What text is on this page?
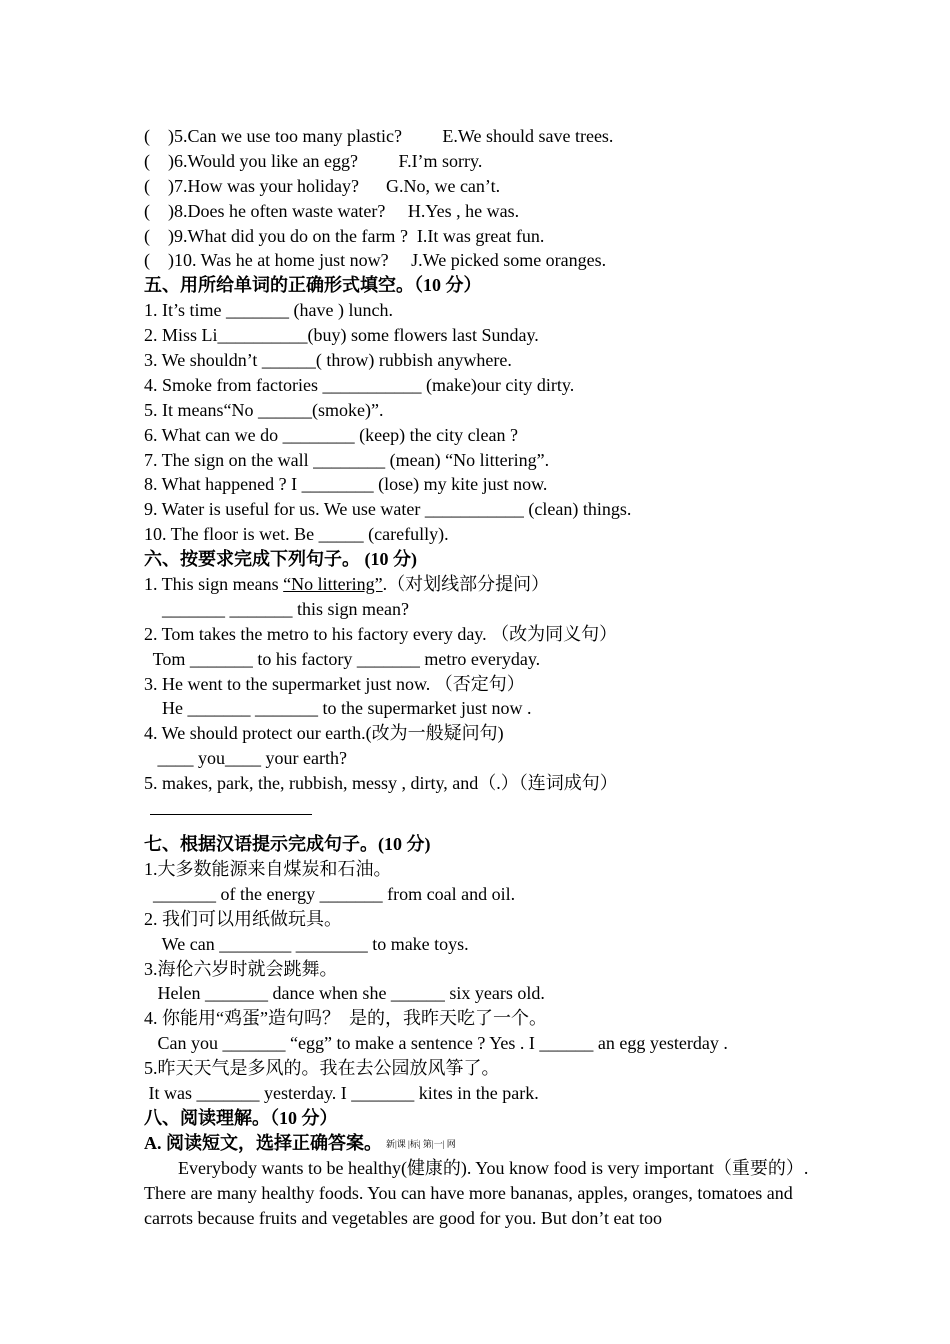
(    )5.Can we use too many plastic?         E.We should save trees.
(    )6.Would you like an egg?         F.I’m sorry.
(    )7.How was your holiday?      G.No, we can’t.
(    )8.Does he often waste water?     H.Yes , he was.
(    )9.What did you do on the farm ?  I.It was great fun.
(    )10. Was he at home just now?     J.We picked some oranges.
五、用所给单词的正确形式填空。（10 分）
1. It’s time _______ (have ) lunch.
2. Miss Li__________(buy) some flowers last Sunday.
3. We shouldn’t ______( throw) rubbish anywhere.
4. Smoke from factories ___________ (make)our city dirty.
5. It means“No ______(smoke)”.
6. What can we do ________ (keep) the city clean ?
7. The sign on the wall ________ (mean) “No littering”.
8. What happened ? I ________ (lose) my kite just now.
9. Water is useful for us. We use water ___________ (clean) things.
10. The floor is wet. Be _____ (carefully).
六、按要求完成下列句子。 (10 分)
1. This sign means “No littering”.（对划线部分提问）
_______ _______ this sign mean?
2. Tom takes the metro to his factory every day. （改为同义句）
Tom _______ to his factory _______ metro everyday.
3. He went to the supermarket just now. （否定句）
He _______ _______ to the supermarket just now .
4. We should protect our earth.(改为一般疑问句)
____ you____ your earth?
5. makes, park, the, rubbish, messy , dirty, and（.）（连词成句）
七、根据汉语提示完成句子。(10 分)
1.大多数能源来自煤炭和石油。
_______ of the energy _______ from coal and oil.
2. 我们可以用纸做玩具。
We can ________ ________ to make toys.
3.海伦六岁时就会跳舞。
Helen _______ dance when she ______ six years old.
4. 你能用“鸡蛋”造句吗？  是的，我昨天吃了一个。
Can you _______ “egg” to make a sentence ? Yes . I ______ an egg yesterday .
5.昨天天气是多风的。我在去公园放风筝了。
It was _______ yesterday. I _______ kites in the park.
八、阅读理解。（10 分）
A. 阅读短文，选择正确答案。 新|课 |标| 第|一| 网
Everybody wants to be healthy(健康的). You know food is very important（重要的）. There are many healthy foods. You can have more bananas, apples, oranges, tomatoes and carrots because fruits and vegetables are good for you. But don’t eat too
